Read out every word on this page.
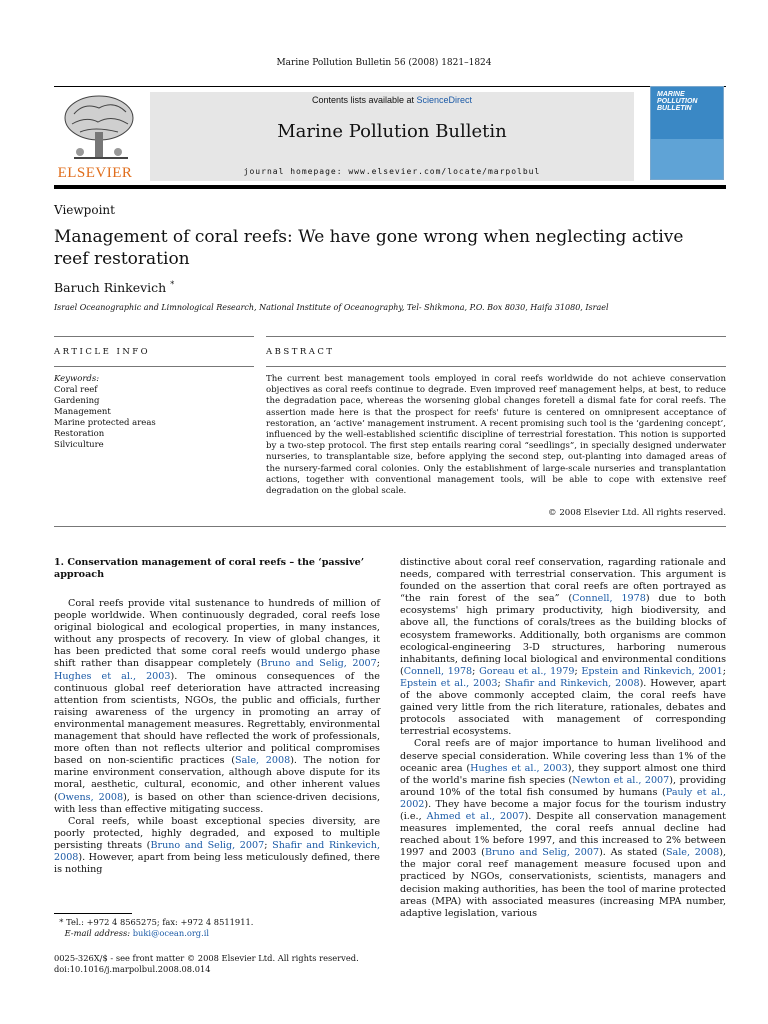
Marine Pollution Bulletin 56 (2008) 1821–1824
ELSEVIER
Contents lists available at ScienceDirect
Marine Pollution Bulletin
journal homepage: www.elsevier.com/locate/marpolbul
MARINE
POLLUTION
BULLETIN
Viewpoint
Management of coral reefs: We have gone wrong when neglecting active reef restoration
Baruch Rinkevich *
Israel Oceanographic and Limnological Research, National Institute of Oceanography, Tel- Shikmona, P.O. Box 8030, Haifa 31080, Israel
ARTICLE INFO	ABSTRACT
Keywords:
Coral reef
Gardening
Management
Marine protected areas
Restoration
Silviculture
The current best management tools employed in coral reefs worldwide do not achieve conservation objectives as coral reefs continue to degrade. Even improved reef management helps, at best, to reduce the degradation pace, whereas the worsening global changes foretell a dismal fate for coral reefs. The assertion made here is that the prospect for reefs' future is centered on omnipresent acceptance of restoration, an ‘active’ management instrument. A recent promising such tool is the ‘gardening concept’, influenced by the well-established scientific discipline of terrestrial forestation. This notion is supported by a two-step protocol. The first step entails rearing coral “seedlings”, in specially designed underwater nurseries, to transplantable size, before applying the second step, out-planting into damaged areas of the nursery-farmed coral colonies. Only the establishment of large-scale nurseries and transplantation actions, together with conventional management tools, will be able to cope with extensive reef degradation on the global scale.
© 2008 Elsevier Ltd. All rights reserved.
1. Conservation management of coral reefs – the ‘passive’ approach

Coral reefs provide vital sustenance to hundreds of million of people worldwide. When continuously degraded, coral reefs lose original biological and ecological properties, in many instances, without any prospects of recovery. In view of global changes, it has been predicted that some coral reefs would undergo phase shift rather than disappear completely (Bruno and Selig, 2007; Hughes et al., 2003). The ominous consequences of the continuous global reef deterioration have attracted increasing attention from scientists, NGOs, the public and officials, further raising awareness of the urgency in promoting an array of environmental management measures. Regrettably, environmental management that should have reflected the work of professionals, more often than not reflects ulterior and political compromises based on non-scientific practices (Sale, 2008). The notion for marine environment conservation, although above dispute for its moral, aesthetic, cultural, economic, and other inherent values (Owens, 2008), is based on other than science-driven decisions, with less than effective mitigating success.

Coral reefs, while boast exceptional species diversity, are poorly protected, highly degraded, and exposed to multiple persisting threats (Bruno and Selig, 2007; Shafir and Rinkevich, 2008). However, apart from being less meticulously defined, there is nothing

distinctive about coral reef conservation, ragarding rationale and needs, compared with terrestrial conservation. This argument is founded on the assertion that coral reefs are often portrayed as “the rain forest of the sea” (Connell, 1978) due to both ecosystems' high primary productivity, high biodiversity, and above all, the functions of corals/trees as the building blocks of ecosystem frameworks. Additionally, both organisms are common ecological-engineering 3-D structures, harboring numerous inhabitants, defining local biological and environmental conditions (Connell, 1978; Goreau et al., 1979; Epstein and Rinkevich, 2001; Epstein et al., 2003; Shafir and Rinkevich, 2008). However, apart of the above commonly accepted claim, the coral reefs have gained very little from the rich literature, rationales, debates and protocols associated with management of corresponding terrestrial ecosystems.

Coral reefs are of major importance to human livelihood and deserve special consideration. While covering less than 1% of the oceanic area (Hughes et al., 2003), they support almost one third of the world's marine fish species (Newton et al., 2007), providing around 10% of the total fish consumed by humans (Pauly et al., 2002). They have become a major focus for the tourism industry (i.e., Ahmed et al., 2007). Despite all conservation management measures implemented, the coral reefs annual decline had reached about 1% before 1997, and this increased to 2% between 1997 and 2003 (Bruno and Selig, 2007). As stated (Sale, 2008), the major coral reef management measure focused upon and practiced by NGOs, conservationists, scientists, managers and decision making authorities, has been the tool of marine protected areas (MPA) with associated measures (increasing MPA number, adaptive legislation, various

* Tel.: +972 4 8565275; fax: +972 4 8511911.
E-mail address: buki@ocean.org.il
0025-326X/$ - see front matter © 2008 Elsevier Ltd. All rights reserved.
doi:10.1016/j.marpolbul.2008.08.014
